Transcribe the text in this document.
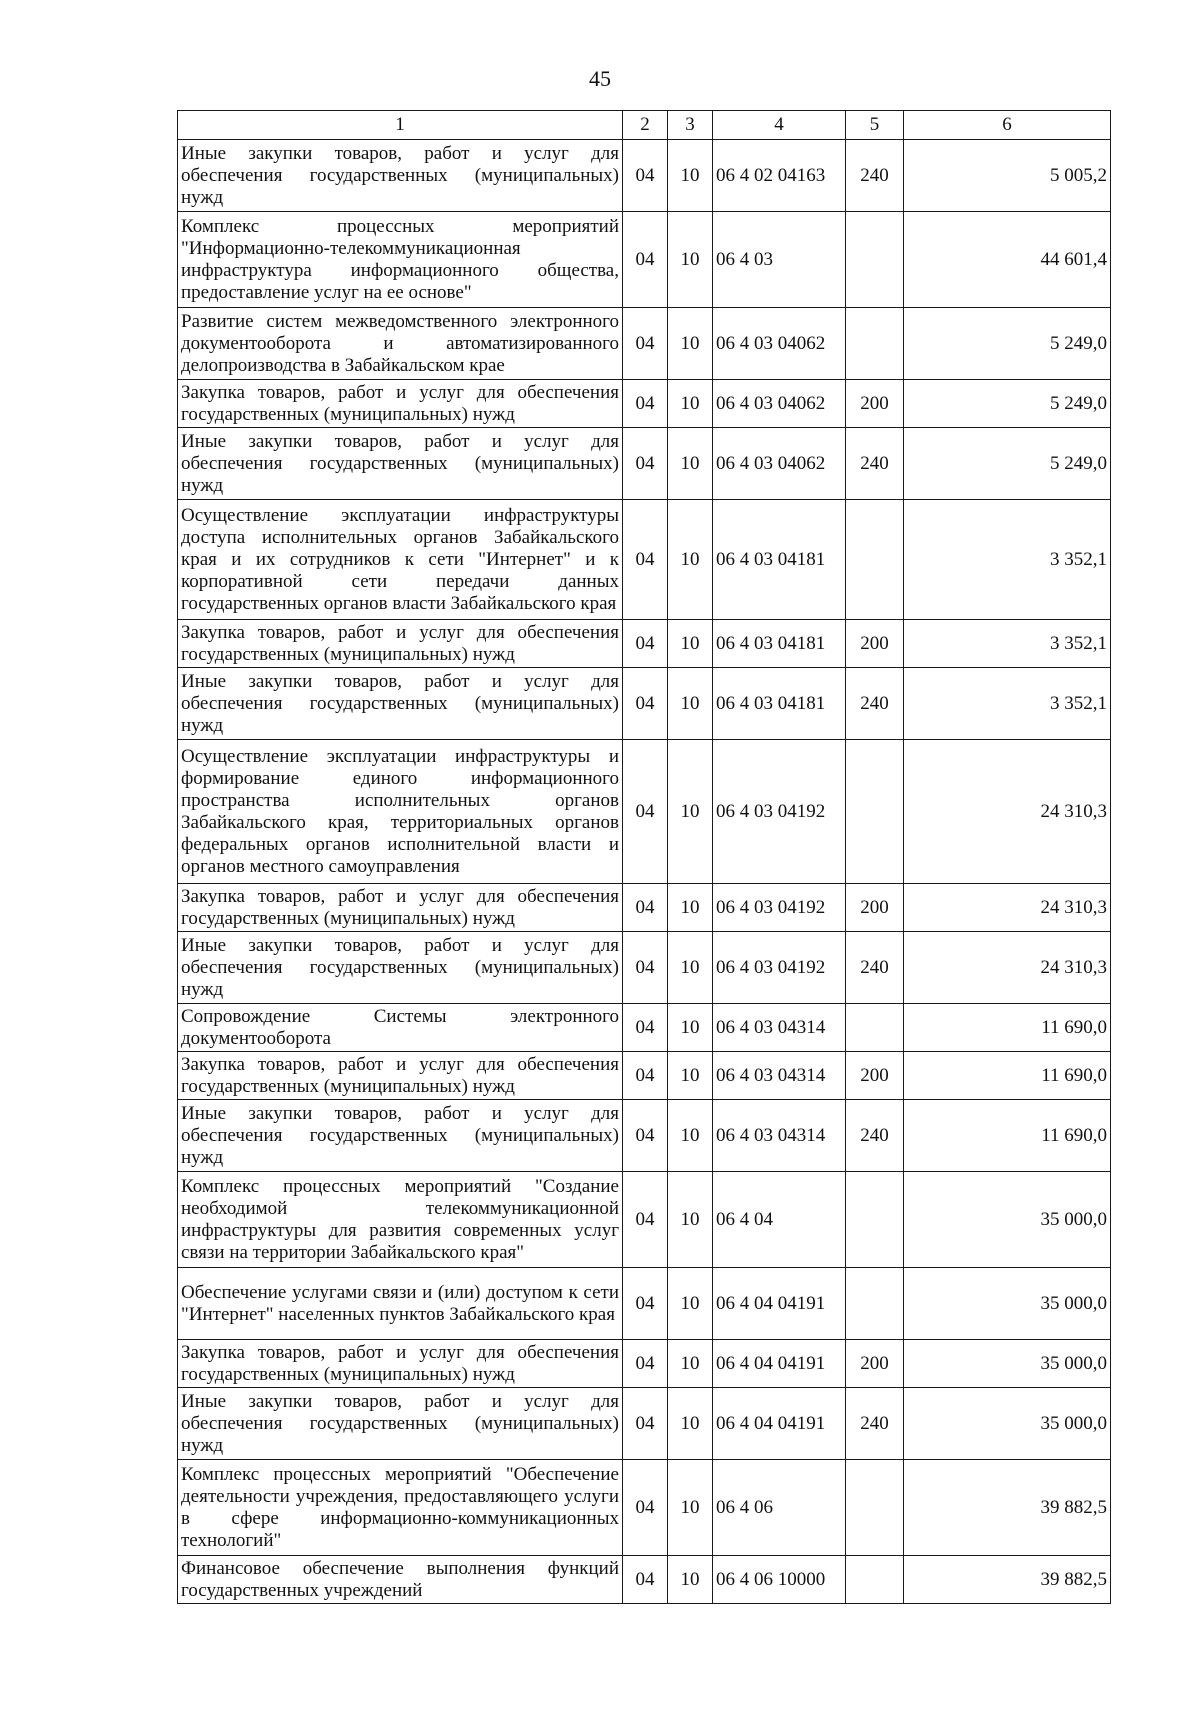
45
1	2	3	4	5	6
Иные закупки товаров, работ и услуг для обеспечения государственных (муниципальных) нужд	04	10	06 4 02 04163	240	5 005,2
Комплекс процессных мероприятий "Информационно-телекоммуникационная инфраструктура информационного общества, предоставление услуг на ее основе"	04	10	06 4 03		44 601,4
Развитие систем межведомственного электронного документооборота и автоматизированного делопроизводства в Забайкальском крае	04	10	06 4 03 04062		5 249,0
Закупка товаров, работ и услуг для обеспечения государственных (муниципальных) нужд	04	10	06 4 03 04062	200	5 249,0
Иные закупки товаров, работ и услуг для обеспечения государственных (муниципальных) нужд	04	10	06 4 03 04062	240	5 249,0
Осуществление эксплуатации инфраструктуры доступа исполнительных органов Забайкальского края и их сотрудников к сети "Интернет" и к корпоративной сети передачи данных государственных органов власти Забайкальского края	04	10	06 4 03 04181		3 352,1
Закупка товаров, работ и услуг для обеспечения государственных (муниципальных) нужд	04	10	06 4 03 04181	200	3 352,1
Иные закупки товаров, работ и услуг для обеспечения государственных (муниципальных) нужд	04	10	06 4 03 04181	240	3 352,1
Осуществление эксплуатации инфраструктуры и формирование единого информационного пространства исполнительных органов Забайкальского края, территориальных органов федеральных органов исполнительной власти и органов местного самоуправления	04	10	06 4 03 04192		24 310,3
Закупка товаров, работ и услуг для обеспечения государственных (муниципальных) нужд	04	10	06 4 03 04192	200	24 310,3
Иные закупки товаров, работ и услуг для обеспечения государственных (муниципальных) нужд	04	10	06 4 03 04192	240	24 310,3
Сопровождение Системы электронного документооборота	04	10	06 4 03 04314		11 690,0
Закупка товаров, работ и услуг для обеспечения государственных (муниципальных) нужд	04	10	06 4 03 04314	200	11 690,0
Иные закупки товаров, работ и услуг для обеспечения государственных (муниципальных) нужд	04	10	06 4 03 04314	240	11 690,0
Комплекс процессных мероприятий "Создание необходимой телекоммуникационной инфраструктуры для развития современных услуг связи на территории Забайкальского края"	04	10	06 4 04		35 000,0
Обеспечение услугами связи и (или) доступом к сети "Интернет" населенных пунктов Забайкальского края	04	10	06 4 04 04191		35 000,0
Закупка товаров, работ и услуг для обеспечения государственных (муниципальных) нужд	04	10	06 4 04 04191	200	35 000,0
Иные закупки товаров, работ и услуг для обеспечения государственных (муниципальных) нужд	04	10	06 4 04 04191	240	35 000,0
Комплекс процессных мероприятий "Обеспечение деятельности учреждения, предоставляющего услуги в сфере информационно-коммуникационных технологий"	04	10	06 4 06		39 882,5
Финансовое обеспечение выполнения функций государственных учреждений	04	10	06 4 06 10000		39 882,5
